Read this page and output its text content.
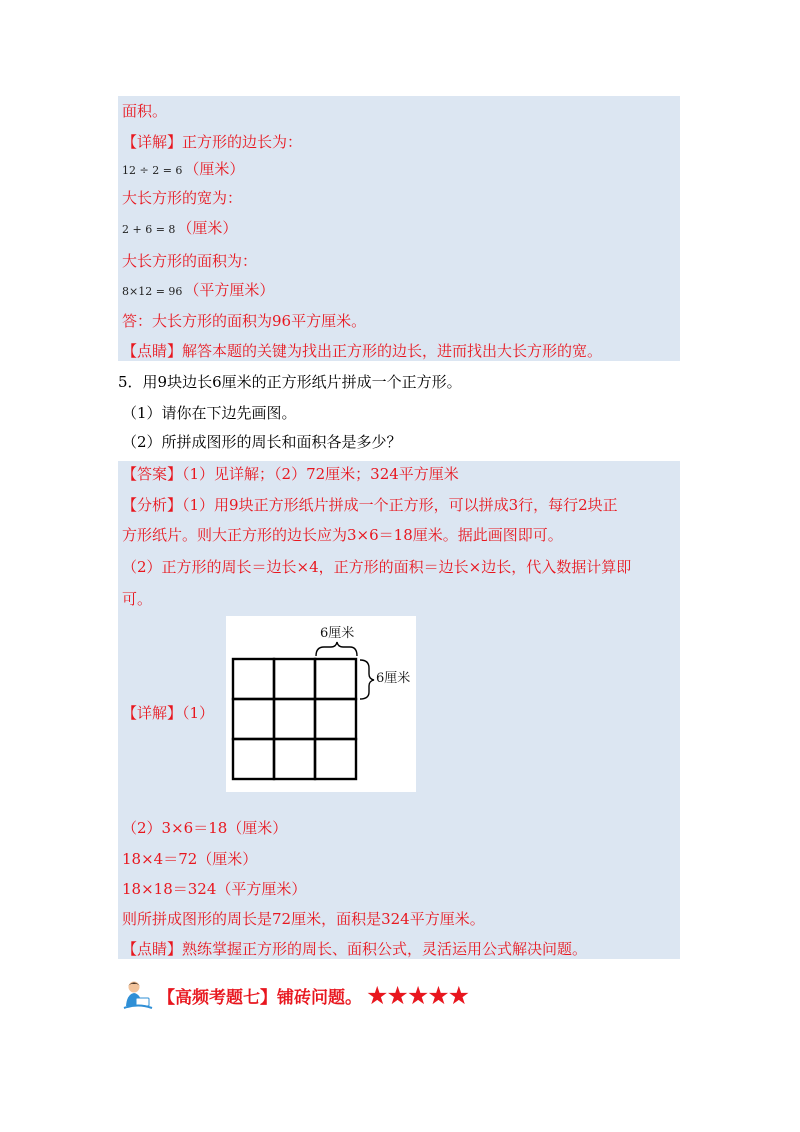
面积。
【详解】正方形的边长为：
12 ÷ 2 = 6 （厘米）
大长方形的宽为：
2 + 6 = 8 （厘米）
大长方形的面积为：
8×12 = 96 （平方厘米）
答：大长方形的面积为96平方厘米。
【点睛】解答本题的关键为找出正方形的边长，进而找出大长方形的宽。
5．用9块边长6厘米的正方形纸片拼成一个正方形。
（1）请你在下边先画图。
（2）所拼成图形的周长和面积各是多少？
【答案】（1）见详解；（2）72厘米；324平方厘米
【分析】（1）用9块正方形纸片拼成一个正方形，可以拼成3行，每行2块正
方形纸片。则大正方形的边长应为3×6＝18厘米。据此画图即可。
（2）正方形的周长＝边长×4，正方形的面积＝边长×边长，代入数据计算即
可。
【详解】（1）
6厘米
6厘米
（2）3×6＝18（厘米）
18×4＝72（厘米）
18×18＝324（平方厘米）
则所拼成图形的周长是72厘米，面积是324平方厘米。
【点睛】熟练掌握正方形的周长、面积公式，灵活运用公式解决问题。
【高频考题七】铺砖问题。 ★★★★★
